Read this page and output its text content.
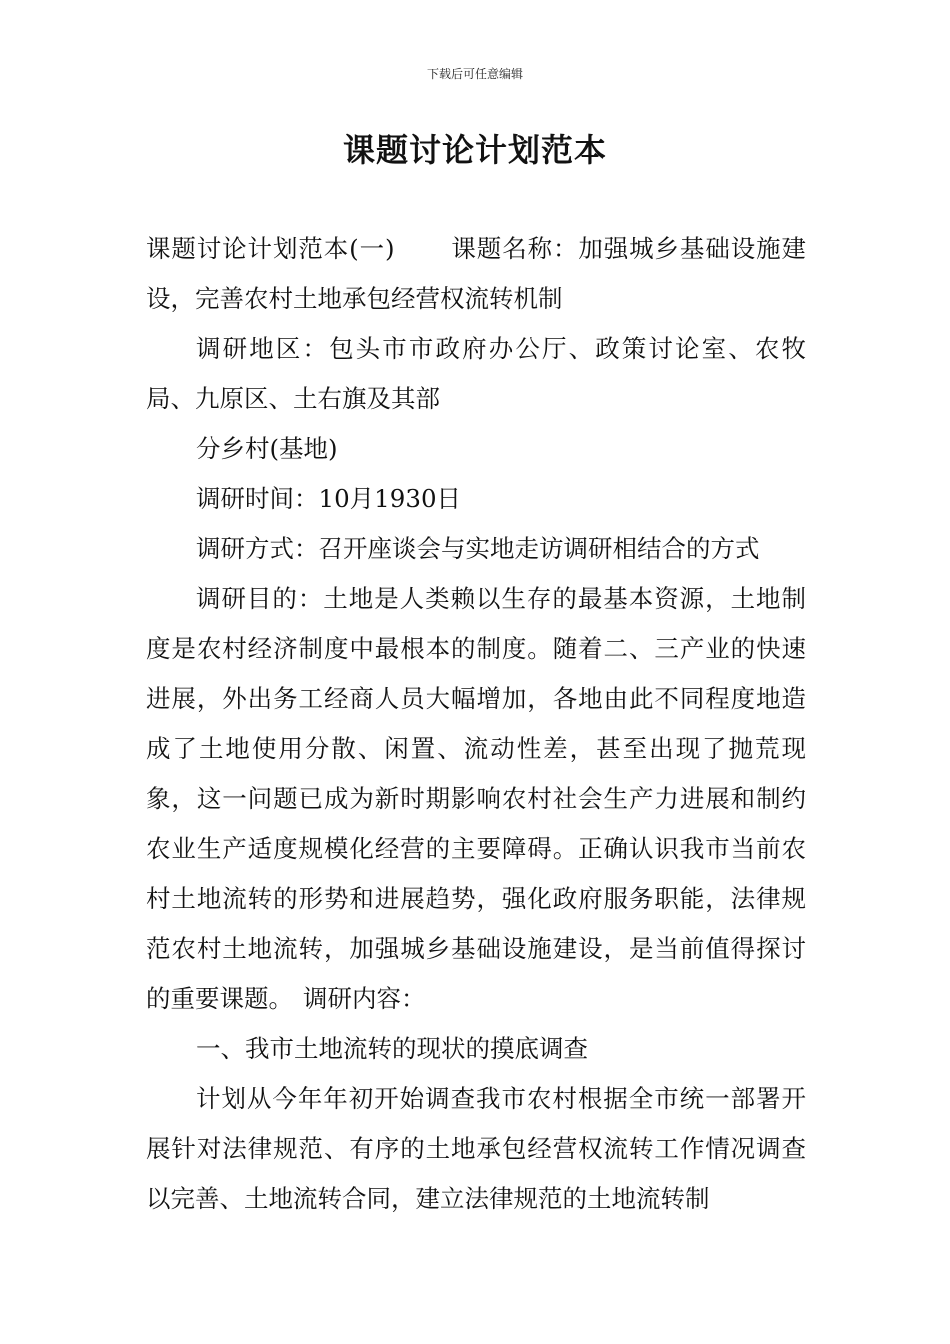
下载后可任意编辑
课题讨论计划范本

课题讨论计划范本(一) 课题名称：加强城乡基础设施建设，完善农村土地承包经营权流转机制

调研地区：包头市市政府办公厅、政策讨论室、农牧局、九原区、土右旗及其部

分乡村(基地)

调研时间：10月1930日

调研方式：召开座谈会与实地走访调研相结合的方式

调研目的：土地是人类赖以生存的最基本资源，土地制度是农村经济制度中最根本的制度。随着二、三产业的快速进展，外出务工经商人员大幅增加，各地由此不同程度地造成了土地使用分散、闲置、流动性差，甚至出现了抛荒现象，这一问题已成为新时期影响农村社会生产力进展和制约农业生产适度规模化经营的主要障碍。正确认识我市当前农村土地流转的形势和进展趋势，强化政府服务职能，法律规范农村土地流转，加强城乡基础设施建设，是当前值得探讨的重要课题。 调研内容：

一、我市土地流转的现状的摸底调查

计划从今年年初开始调查我市农村根据全市统一部署开展针对法律规范、有序的土地承包经营权流转工作情况调查以完善、土地流转合同，建立法律规范的土地流转制
